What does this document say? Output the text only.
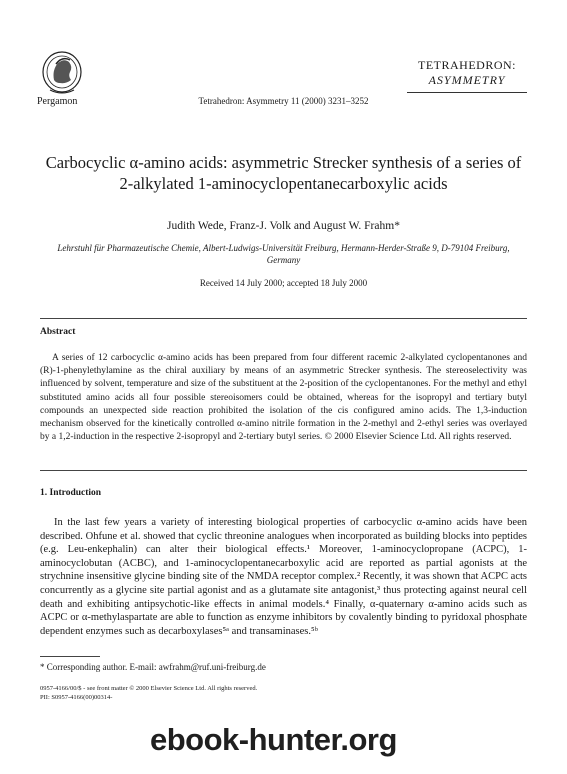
Pergamon	Tetrahedron: Asymmetry 11 (2000) 3231–3252
TETRAHEDRON:
ASYMMETRY
Carbocyclic α-amino acids: asymmetric Strecker synthesis of a series of 2-alkylated 1-aminocyclopentanecarboxylic acids
Judith Wede, Franz-J. Volk and August W. Frahm*
Lehrstuhl für Pharmazeutische Chemie, Albert-Ludwigs-Universität Freiburg, Hermann-Herder-Straße 9, D-79104 Freiburg, Germany
Received 14 July 2000; accepted 18 July 2000
Abstract
A series of 12 carbocyclic α-amino acids has been prepared from four different racemic 2-alkylated cyclopentanones and (R)-1-phenylethylamine as the chiral auxiliary by means of an asymmetric Strecker synthesis. The stereoselectivity was influenced by solvent, temperature and size of the substituent at the 2-position of the cyclopentanones. For the methyl and ethyl substituted amino acids all four possible stereoisomers could be obtained, whereas for the isopropyl and tertiary butyl compounds an unexpected side reaction prohibited the isolation of the cis configured amino acids. The 1,3-induction mechanism observed for the kinetically controlled α-amino nitrile formation in the 2-methyl and 2-ethyl series was overlayed by a 1,2-induction in the respective 2-isopropyl and 2-tertiary butyl series. © 2000 Elsevier Science Ltd. All rights reserved.
1. Introduction
In the last few years a variety of interesting biological properties of carbocyclic α-amino acids have been described. Ohfune et al. showed that cyclic threonine analogues when incorporated as building blocks into peptides (e.g. Leu-enkephalin) can alter their biological effects.¹ Moreover, 1-aminocyclopropane (ACPC), 1-aminocyclobutan (ACBC), and 1-aminocyclopentanecarboxylic acid are reported as partial agonists at the strychnine insensitive glycine binding site of the NMDA receptor complex.² Recently, it was shown that ACPC acts concurrently as a glycine site partial agonist and as a glutamate site antagonist,³ thus protecting against neural cell death and exhibiting antipsychotic-like effects in animal models.⁴ Finally, α-quaternary α-amino acids such as ACPC or α-methylaspartate are able to function as enzyme inhibitors by covalently binding to pyridoxal phosphate dependent enzymes such as decarboxylases⁵ᵃ and transaminases.⁵ᵇ
* Corresponding author. E-mail: awfrahm@ruf.uni-freiburg.de
0957-4166/00/$ - see front matter © 2000 Elsevier Science Ltd. All rights reserved.
PII: S0957-4166(00)00314-
ebook-hunter.org
